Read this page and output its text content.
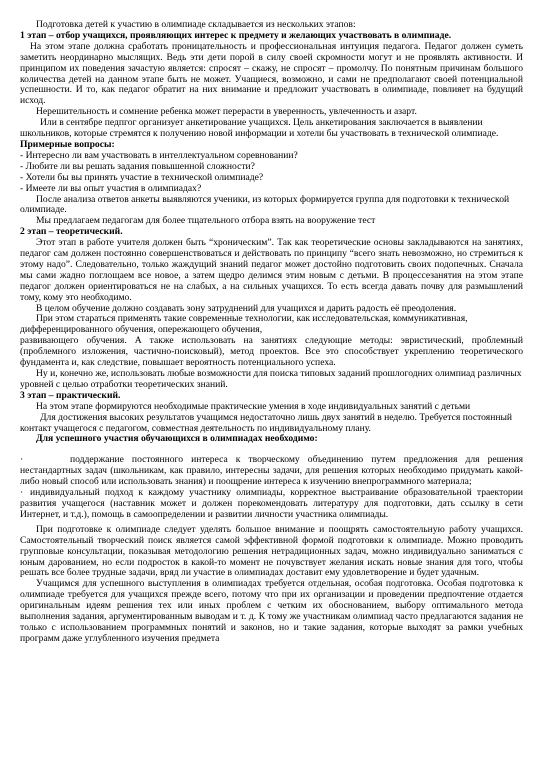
Подготовка детей к участию в олимпиаде складывается из нескольких этапов:

1 этап – отбор учащихся, проявляющих интерес к предмету и желающих участвовать в олимпиаде.

На этом этапе должна сработать проницательность и профессиональная интуиция педагога. Педагог должен суметь заметить неординарно мыслящих. Ведь эти дети порой в силу своей скромности могут и не проявлять активности. И принципом их поведения зачастую является: спросят – скажу, не спросят – промолчу. По понятным причинам большого количества детей на данном этапе быть не может. Учащиеся, возможно, и сами не предполагают своей потенциальной успешности. И то, как педагог обратит на них внимание и предложит участвовать в олимпиаде, повлияет на будущий исход.

Нерешительность и сомнение ребенка может перерасти в уверенность, увлеченность и азарт.

Или в сентябре педпгог организует анкетирование учащихся. Цель анкетирования заключается в выявлении школьников, которые стремятся к получению новой информации и хотели бы участвовать в технической олимпиаде.

Примерные вопросы:

- Интересно ли вам участвовать в интеллектуальном соревновании?

- Любите ли вы решать задания повышенной сложности?

- Хотели бы вы принять участие в технической олимпиаде?

- Имеете ли вы опыт участия в олимпиадах?

После анализа ответов анкеты выявляются ученики, из которых формируется группа для подготовки к технической олимпиаде.

Мы предлагаем педагогам для более тщательного отбора взять на вооружение тест

2 этап – теоретический.

Этот этап в работе учителя должен быть “хроническим”. Так как теоретические основы закладываются на занятиях, педагог сам должен постоянно совершенствоваться и действовать по принципу “всего знать невозможно, но стремиться к этому надо”. Следовательно, только жаждущий знаний педагог может достойно подготовить своих подопечных. Сначала мы сами жадно поглощаем все новое, а затем щедро делимся этим новым с детьми. В процессезанятия на этом этапе педагог должен ориентироваться не на слабых, а на сильных учащихся. То есть всегда давать почву для размышлений тому, кому это необходимо.

В целом обучение должно создавать зону затруднений для учащихся и дарить радость её преодоления.

При этом стараться применять такие современные технологии, как исследовательская, коммуникативная, дифференцированного обучения, опережающего обучения,

развивающего обучения. А также использовать на занятиях следующие методы: эвристический, проблемный (проблемного изложения, частично-поисковый), метод проектов. Все это способствует укреплению теоретического фундамента и, как следствие, повышает вероятность потенциального успеха.

Ну и, конечно же, использовать любые возможности для поиска типовых заданий прошлогодних олимпиад различных уровней с целью отработки теоретических знаний.

3 этап – практический.

На этом этапе формируются необходимые практические умения в ходе индивидуальных занятий с детьми

Для достижения высоких результатов учащимся недостаточно лишь двух занятий в неделю. Требуется постоянный контакт учащегося с педагогом, совместная деятельность по индивидуальному плану.

Для успешного участия обучающихся в олимпиадах необходимо:

·	поддержание постоянного интереса к творческому объединению путем предложения для решения нестандартных задач (школьникам, как правило, интересны задачи, для решения которых необходимо придумать какой-либо новый способ или использовать знания) и поощрение интереса к изучению внепрограммного материала;

· индивидуальный подход к каждому участнику олимпиады, корректное выстраивание образовательной траектории развития учащегося (наставник может и должен порекомендовать литературу для подготовки, дать ссылку в сети Интернет, и т.д.), помощь в самоопределении и развитии личности участника олимпиады.

При подготовке к олимпиаде следует уделять большое внимание и поощрять самостоятельную работу учащихся. Самостоятельный творческий поиск является самой эффективной формой подготовки к олимпиаде. Можно проводить групповые консультации, показывая методологию решения нетрадиционных задач, можно индивидуально заниматься с юным дарованием, но если подросток в какой-то момент не почувствует желания искать новые знания для того, чтобы решать все более трудные задачи, вряд ли участие в олимпиадах доставит ему удовлетворение и будет удачным.

Учащимся для успешного выступления в олимпиадах требуется отдельная, особая подготовка. Особая подготовка к олимпиаде требуется для учащихся прежде всего, потому что при их организации и проведении предпочтение отдается оригинальным идеям решения тех или иных проблем с четким их обоснованием, выбору оптимального метода выполнения задания, аргументированным выводам и т. д. К тому же участникам олимпиад часто предлагаются задания не только с использованием программных понятий и законов, но и такие задания, которые выходят за рамки учебных программ даже углубленного изучения предмета
